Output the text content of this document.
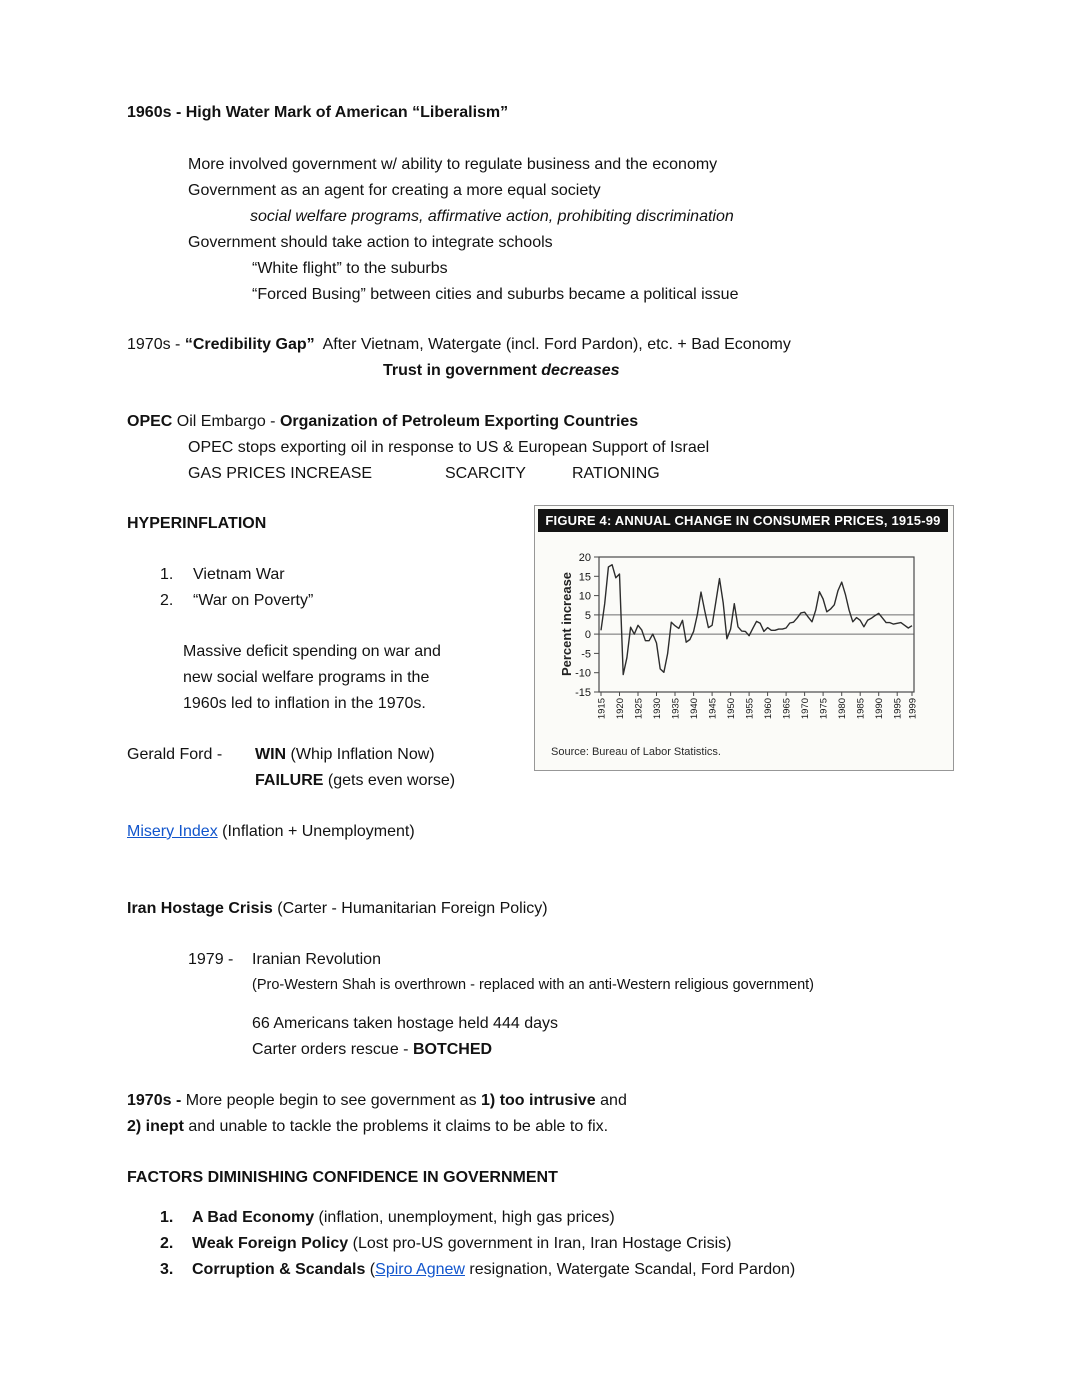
1960s - High Water Mark of American “Liberalism”
More involved government w/ ability to regulate business and the economy
Government as an agent for creating a more equal society
social welfare programs, affirmative action, prohibiting discrimination
Government should take action to integrate schools
“White flight” to the suburbs
“Forced Busing” between cities and suburbs became a political issue
1970s - “Credibility Gap”  After Vietnam, Watergate (incl. Ford Pardon), etc. + Bad Economy
Trust in government decreases
OPEC Oil Embargo - Organization of Petroleum Exporting Countries
OPEC stops exporting oil in response to US & European Support of Israel
GAS PRICES INCREASE	SCARCITY	RATIONING
HYPERINFLATION
1. Vietnam War
2. “War on Poverty”
Massive deficit spending on war and
new social welfare programs in the
1960s led to inflation in the 1970s.
Gerald Ford - WIN (Whip Inflation Now)
FAILURE (gets even worse)
Misery Index (Inflation + Unemployment)
Iran Hostage Crisis (Carter - Humanitarian Foreign Policy)
1979 - Iranian Revolution
(Pro-Western Shah is overthrown - replaced with an anti-Western religious government)
66 Americans taken hostage held 444 days
Carter orders rescue - BOTCHED
1970s - More people begin to see government as 1) too intrusive and
2) inept and unable to tackle the problems it claims to be able to fix.
FACTORS DIMINISHING CONFIDENCE IN GOVERNMENT
1. A Bad Economy (inflation, unemployment, high gas prices)
2. Weak Foreign Policy (Lost pro-US government in Iran, Iran Hostage Crisis)
3. Corruption & Scandals (Spiro Agnew resignation, Watergate Scandal, Ford Pardon)
FIGURE 4: ANNUAL CHANGE IN CONSUMER PRICES, 1915-99
20
15
10
5
0
-5
-10
-15
1915 1920 1925 1930 1935 1940 1945 1950 1955 1960 1965 1970 1975 1980 1985 1990 1995 1999
Percent increase
Source: Bureau of Labor Statistics.
